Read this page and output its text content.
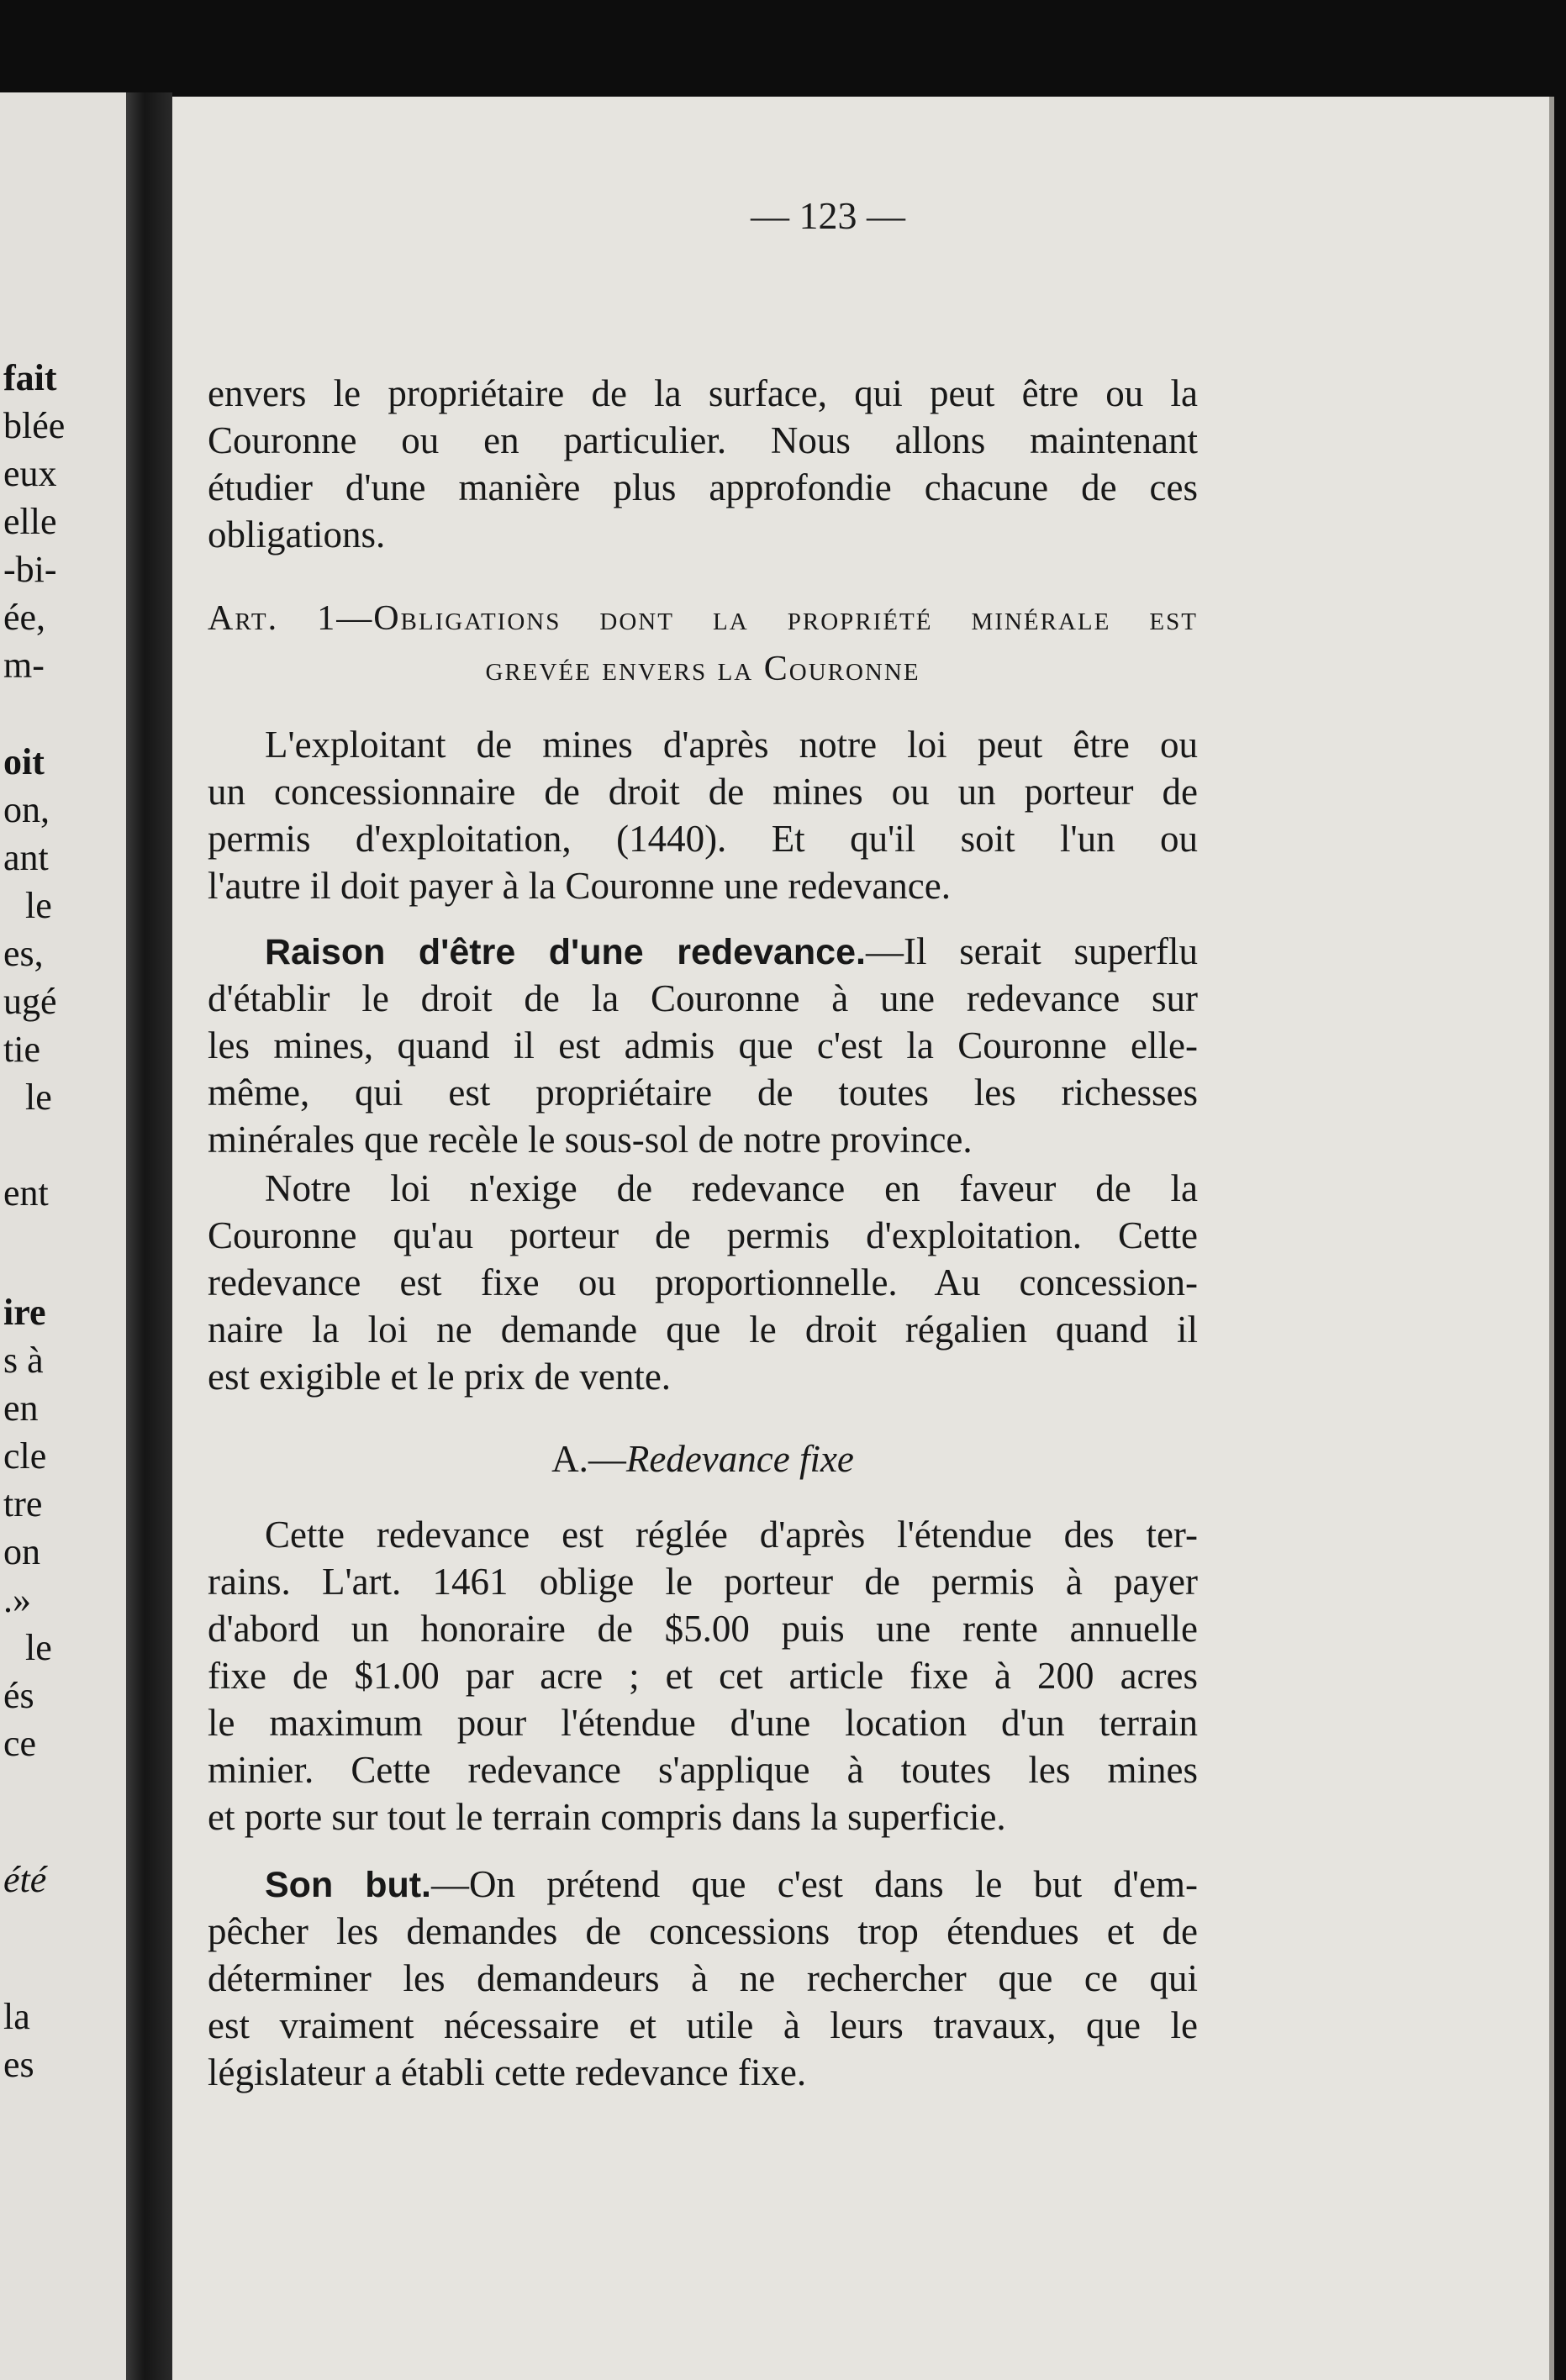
fait
blée
eux
elle
-bi-
ée,
m-
oit
on,
ant
le
es,
ugé
tie
le
ent
ire
s à
en
cle
tre
on
.»
le
és
ce
été
la
es
— 123 —
envers le propriétaire de la surface, qui peut être ou la
Couronne ou en particulier. Nous allons maintenant
étudier d'une manière plus approfondie chacune de ces
obligations.
Art. 1—Obligations dont la propriété minérale est
grevée envers la Couronne
L'exploitant de mines d'après notre loi peut être ou
un concessionnaire de droit de mines ou un porteur de
permis d'exploitation, (1440). Et qu'il soit l'un ou
l'autre il doit payer à la Couronne une redevance.
Raison d'être d'une redevance.—Il serait superflu
d'établir le droit de la Couronne à une redevance sur
les mines, quand il est admis que c'est la Couronne elle-
même, qui est propriétaire de toutes les richesses
minérales que recèle le sous-sol de notre province.
Notre loi n'exige de redevance en faveur de la
Couronne qu'au porteur de permis d'exploitation. Cette
redevance est fixe ou proportionnelle. Au concession-
naire la loi ne demande que le droit régalien quand il
est exigible et le prix de vente.
A.—Redevance fixe
Cette redevance est réglée d'après l'étendue des ter-
rains. L'art. 1461 oblige le porteur de permis à payer
d'abord un honoraire de $5.00 puis une rente annuelle
fixe de $1.00 par acre ; et cet article fixe à 200 acres
le maximum pour l'étendue d'une location d'un terrain
minier. Cette redevance s'applique à toutes les mines
et porte sur tout le terrain compris dans la superficie.
Son but.—On prétend que c'est dans le but d'em-
pêcher les demandes de concessions trop étendues et de
déterminer les demandeurs à ne rechercher que ce qui
est vraiment nécessaire et utile à leurs travaux, que le
législateur a établi cette redevance fixe.
